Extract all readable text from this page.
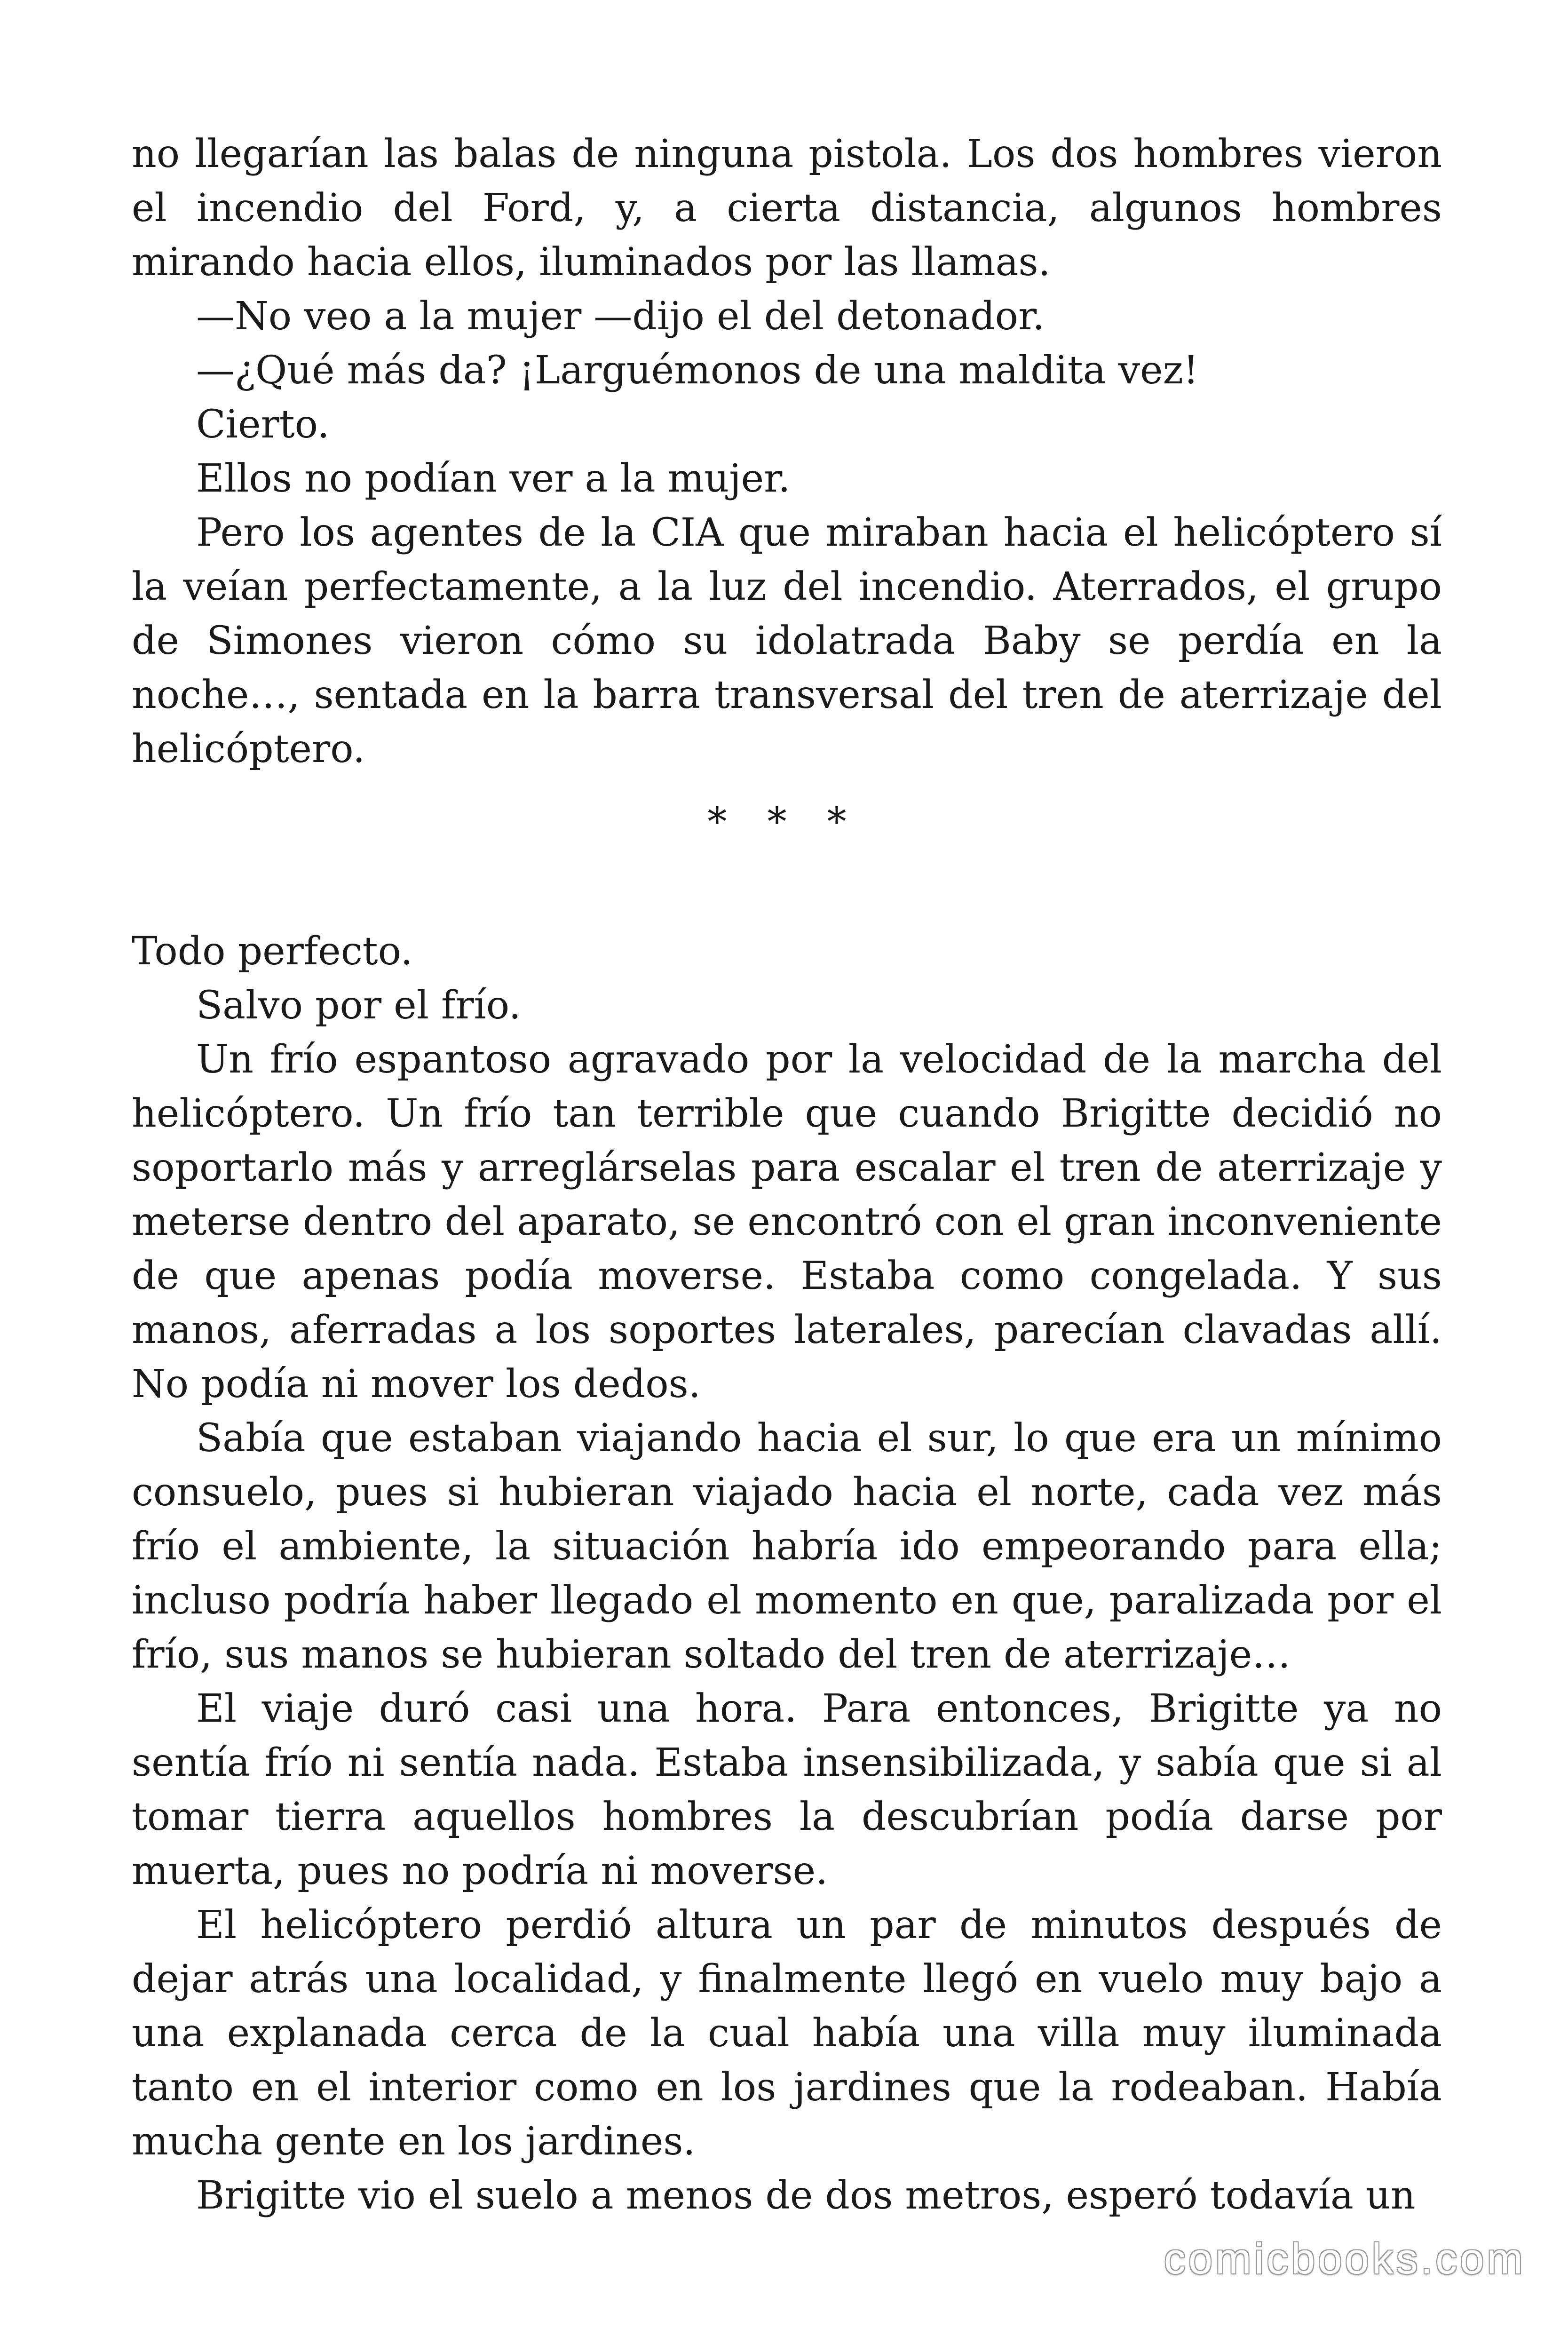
no llegarían las balas de ninguna pistola. Los dos hombres vieron el incendio del Ford, y, a cierta distancia, algunos hombres mirando hacia ellos, iluminados por las llamas.

—No veo a la mujer —dijo el del detonador.

—¿Qué más da? ¡Larguémonos de una maldita vez!

Cierto.

Ellos no podían ver a la mujer.

Pero los agentes de la CIA que miraban hacia el helicóptero sí la veían perfectamente, a la luz del incendio. Aterrados, el grupo de Simones vieron cómo su idolatrada Baby se perdía en la noche…, sentada en la barra transversal del tren de aterrizaje del helicóptero.

* * *

Todo perfecto.

Salvo por el frío.

Un frío espantoso agravado por la velocidad de la marcha del helicóptero. Un frío tan terrible que cuando Brigitte decidió no soportarlo más y arreglárselas para escalar el tren de aterrizaje y meterse dentro del aparato, se encontró con el gran inconveniente de que apenas podía moverse. Estaba como congelada. Y sus manos, aferradas a los soportes laterales, parecían clavadas allí. No podía ni mover los dedos.

Sabía que estaban viajando hacia el sur, lo que era un mínimo consuelo, pues si hubieran viajado hacia el norte, cada vez más frío el ambiente, la situación habría ido empeorando para ella; incluso podría haber llegado el momento en que, paralizada por el frío, sus manos se hubieran soltado del tren de aterrizaje…

El viaje duró casi una hora. Para entonces, Brigitte ya no sentía frío ni sentía nada. Estaba insensibilizada, y sabía que si al tomar tierra aquellos hombres la descubrían podía darse por muerta, pues no podría ni moverse.

El helicóptero perdió altura un par de minutos después de dejar atrás una localidad, y finalmente llegó en vuelo muy bajo a una explanada cerca de la cual había una villa muy iluminada tanto en el interior como en los jardines que la rodeaban. Había mucha gente en los jardines.

Brigitte vio el suelo a menos de dos metros, esperó todavía un

comicbooks.com
